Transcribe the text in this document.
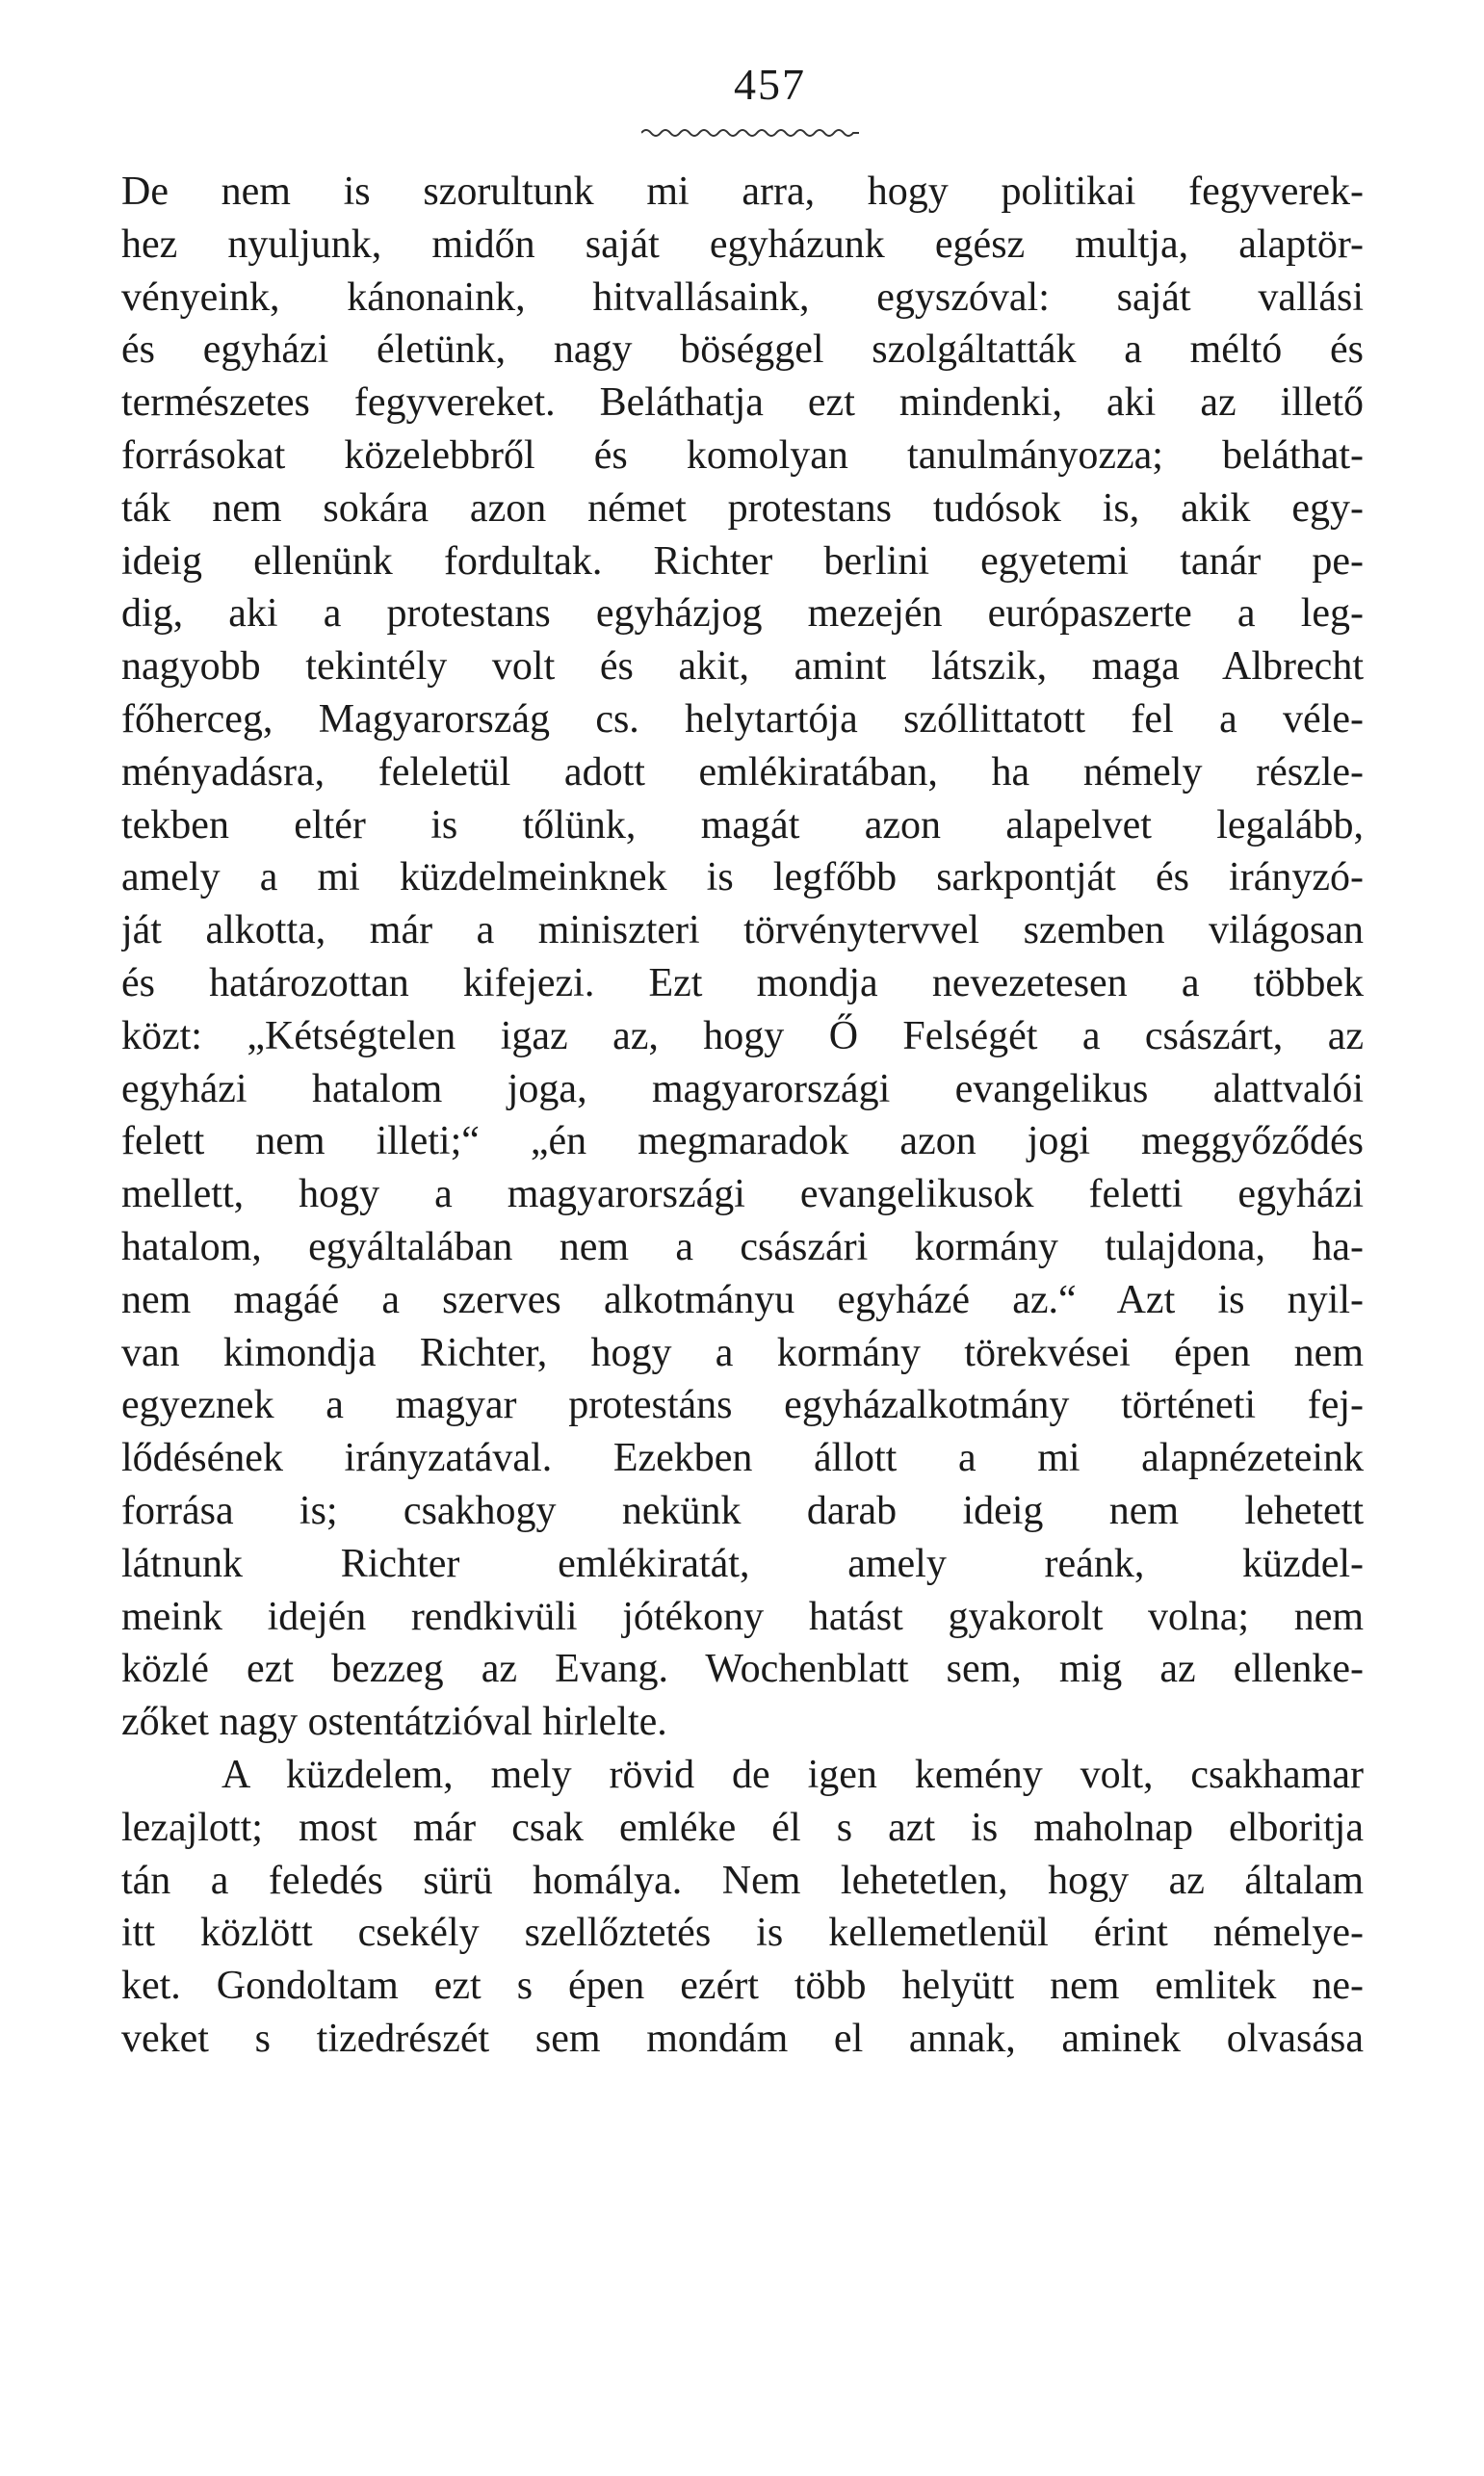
457
De nem is szorultunk mi arra, hogy politikai fegyverek-
hez nyuljunk, midőn saját egyházunk egész multja, alaptör-
vényeink, kánonaink, hitvallásaink, egyszóval: saját vallási
és egyházi életünk, nagy böséggel szolgáltatták a méltó és
természetes fegyvereket. Beláthatja ezt mindenki, aki az illető
forrásokat közelebbről és komolyan tanulmányozza; beláthat-
ták nem sokára azon német protestans tudósok is, akik egy-
ideig ellenünk fordultak. Richter berlini egyetemi tanár pe-
dig, aki a protestans egyházjog mezején európaszerte a leg-
nagyobb tekintély volt és akit, amint látszik, maga Albrecht
főherceg, Magyarország cs. helytartója szóllittatott fel a véle-
ményadásra, feleletül adott emlékiratában, ha némely részle-
tekben eltér is tőlünk, magát azon alapelvet legalább,
amely a mi küzdelmeinknek is legfőbb sarkpontját és irányzó-
ját alkotta, már a miniszteri törvénytervvel szemben világosan
és határozottan kifejezi. Ezt mondja nevezetesen a többek
közt: „Kétségtelen igaz az, hogy Ő Felségét a császárt, az
egyházi hatalom joga, magyarországi evangelikus alattvalói
felett nem illeti;“ „én megmaradok azon jogi meggyőződés
mellett, hogy a magyarországi evangelikusok feletti egyházi
hatalom, egyáltalában nem a császári kormány tulajdona, ha-
nem magáé a szerves alkotmányu egyházé az.“ Azt is nyil-
van kimondja Richter, hogy a kormány törekvései épen nem
egyeznek a magyar protestáns egyházalkotmány történeti fej-
lődésének irányzatával. Ezekben állott a mi alapnézeteink
forrása is; csakhogy nekünk darab ideig nem lehetett
látnunk Richter emlékiratát, amely reánk, küzdel-
meink idején rendkivüli jótékony hatást gyakorolt volna; nem
közlé ezt bezzeg az Evang. Wochenblatt sem, mig az ellenke-
zőket nagy ostentátzióval hirlelte.
A küzdelem, mely rövid de igen kemény volt, csakhamar
lezajlott; most már csak emléke él s azt is maholnap elboritja
tán a feledés sürü homálya. Nem lehetetlen, hogy az általam
itt közlött csekély szellőztetés is kellemetlenül érint némelye-
ket. Gondoltam ezt s épen ezért több helyütt nem emlitek ne-
veket s tizedrészét sem mondám el annak, aminek olvasása
